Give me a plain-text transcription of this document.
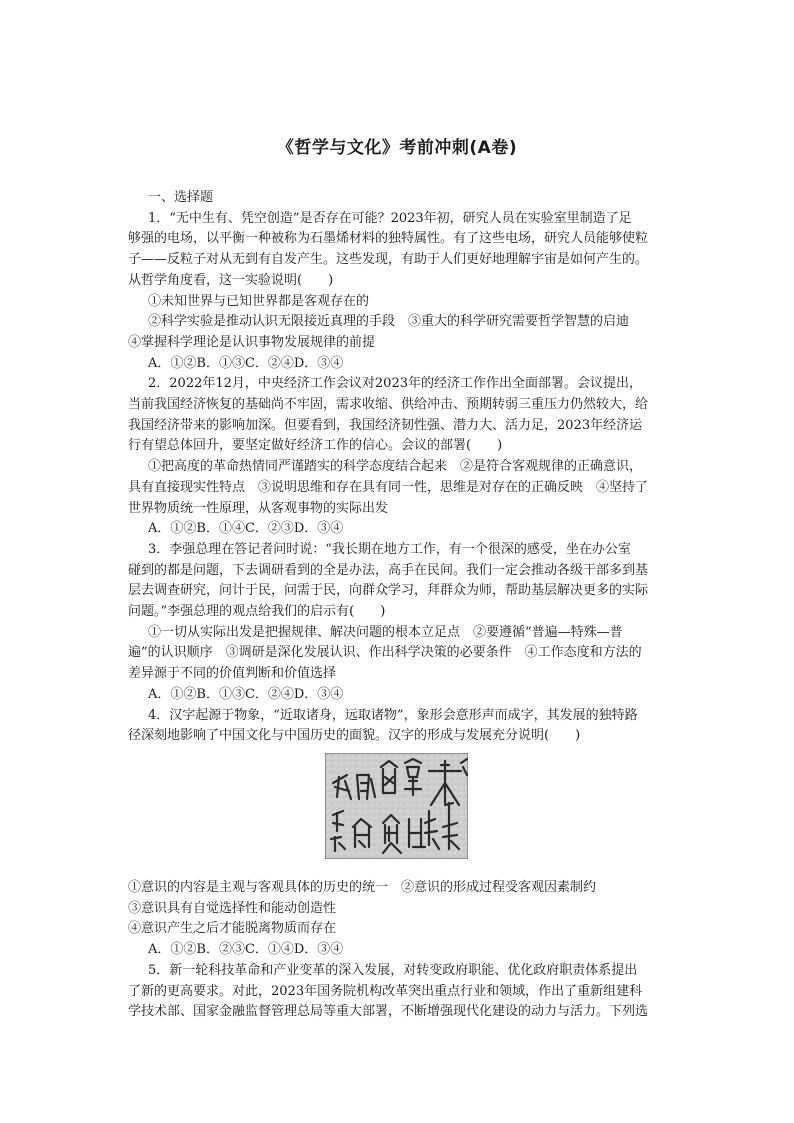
《哲学与文化》考前冲刺(A卷)

一、选择题

1．“无中生有、凭空创造”是否存在可能？2023年初，研究人员在实验室里制造了足

够强的电场，以平衡一种被称为石墨烯材料的独特属性。有了这些电场，研究人员能够使粒

子——反粒子对从无到有自发产生。这些发现，有助于人们更好地理解宇宙是如何产生的。

从哲学角度看，这一实验说明(　　)

①未知世界与已知世界都是客观存在的

②科学实验是推动认识无限接近真理的手段　③重大的科学研究需要哲学智慧的启迪

④掌握科学理论是认识事物发展规律的前提

A．①②B．①③C．②④D．③④

2．2022年12月，中央经济工作会议对2023年的经济工作作出全面部署。会议提出，

当前我国经济恢复的基础尚不牢固，需求收缩、供给冲击、预期转弱三重压力仍然较大，给

我国经济带来的影响加深。但要看到，我国经济韧性强、潜力大、活力足，2023年经济运

行有望总体回升，要坚定做好经济工作的信心。会议的部署(　　)

①把高度的革命热情同严谨踏实的科学态度结合起来　②是符合客观规律的正确意识，

具有直接现实性特点　③说明思维和存在具有同一性，思维是对存在的正确反映　④坚持了

世界物质统一性原理，从客观事物的实际出发

A．①②B．①④C．②③D．③④

3．李强总理在答记者问时说：“我长期在地方工作，有一个很深的感受，坐在办公室

碰到的都是问题，下去调研看到的全是办法，高手在民间。我们一定会推动各级干部多到基

层去调查研究，问计于民，问需于民，向群众学习，拜群众为师，帮助基层解决更多的实际

问题。”李强总理的观点给我们的启示有(　　)

①一切从实际出发是把握规律、解决问题的根本立足点　②要遵循“普遍—特殊—普

遍”的认识顺序　③调研是深化发展认识、作出科学决策的必要条件　④工作态度和方法的

差异源于不同的价值判断和价值选择

A．①②B．①③C．②④D．③④

4．汉字起源于物象，“近取诸身，远取诸物”，象形会意形声而成字，其发展的独特路

径深刻地影响了中国文化与中国历史的面貌。汉字的形成与发展充分说明(　　)

①意识的内容是主观与客观具体的历史的统一　②意识的形成过程受客观因素制约

③意识具有自觉选择性和能动创造性

④意识产生之后才能脱离物质而存在

A．①②B．②③C．①④D．③④

5．新一轮科技革命和产业变革的深入发展，对转变政府职能、优化政府职责体系提出

了新的更高要求。对此，2023年国务院机构改革突出重点行业和领域，作出了重新组建科

学技术部、国家金融监督管理总局等重大部署，不断增强现代化建设的动力与活力。下列选
